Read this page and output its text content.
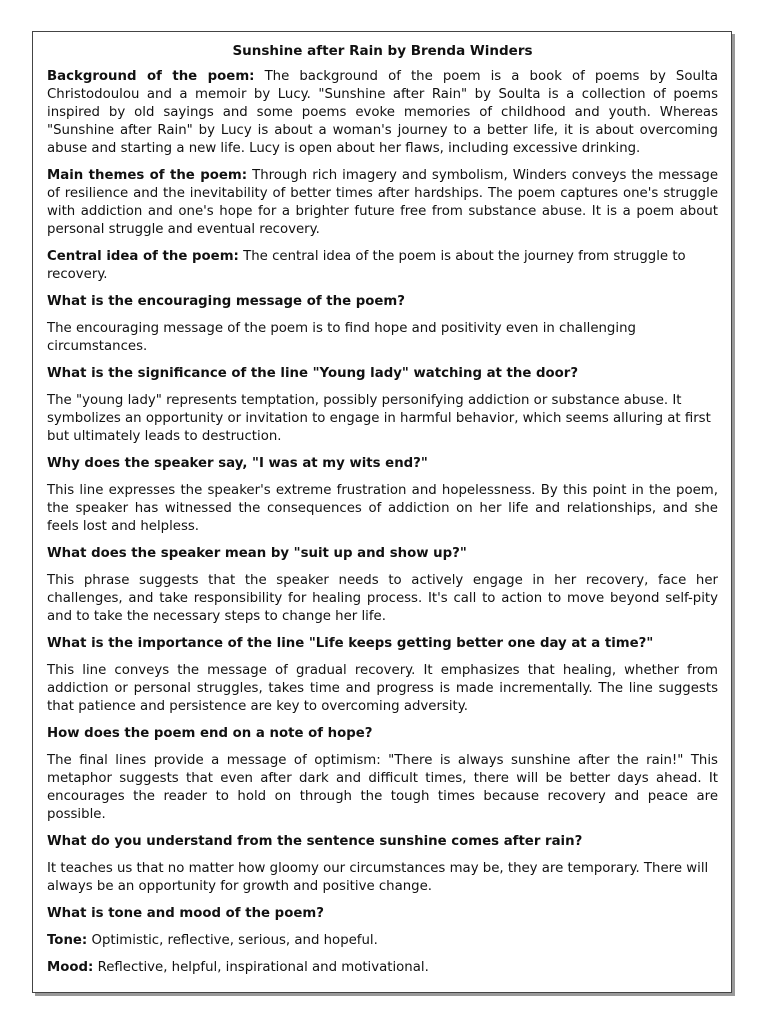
Sunshine after Rain by Brenda Winders
Background of the poem: The background of the poem is a book of poems by Soulta Christodoulou and a memoir by Lucy. "Sunshine after Rain" by Soulta is a collection of poems inspired by old sayings and some poems evoke memories of childhood and youth. Whereas "Sunshine after Rain" by Lucy is about a woman's journey to a better life, it is about overcoming abuse and starting a new life. Lucy is open about her flaws, including excessive drinking.
Main themes of the poem: Through rich imagery and symbolism, Winders conveys the message of resilience and the inevitability of better times after hardships. The poem captures one's struggle with addiction and one's hope for a brighter future free from substance abuse. It is a poem about personal struggle and eventual recovery.
Central idea of the poem: The central idea of the poem is about the journey from struggle to recovery.
What is the encouraging message of the poem?
The encouraging message of the poem is to find hope and positivity even in challenging circumstances.
What is the significance of the line "Young lady" watching at the door?
The "young lady" represents temptation, possibly personifying addiction or substance abuse. It symbolizes an opportunity or invitation to engage in harmful behavior, which seems alluring at first but ultimately leads to destruction.
Why does the speaker say, "I was at my wits end?"
This line expresses the speaker's extreme frustration and hopelessness. By this point in the poem, the speaker has witnessed the consequences of addiction on her life and relationships, and she feels lost and helpless.
What does the speaker mean by "suit up and show up?"
This phrase suggests that the speaker needs to actively engage in her recovery, face her challenges, and take responsibility for healing process. It's call to action to move beyond self-pity and to take the necessary steps to change her life.
What is the importance of the line "Life keeps getting better one day at a time?"
This line conveys the message of gradual recovery. It emphasizes that healing, whether from addiction or personal struggles, takes time and progress is made incrementally. The line suggests that patience and persistence are key to overcoming adversity.
How does the poem end on a note of hope?
The final lines provide a message of optimism: "There is always sunshine after the rain!" This metaphor suggests that even after dark and difficult times, there will be better days ahead. It encourages the reader to hold on through the tough times because recovery and peace are possible.
What do you understand from the sentence sunshine comes after rain?
It teaches us that no matter how gloomy our circumstances may be, they are temporary. There will always be an opportunity for growth and positive change.
What is tone and mood of the poem?
Tone: Optimistic, reflective, serious, and hopeful.
Mood: Reflective, helpful, inspirational and motivational.
